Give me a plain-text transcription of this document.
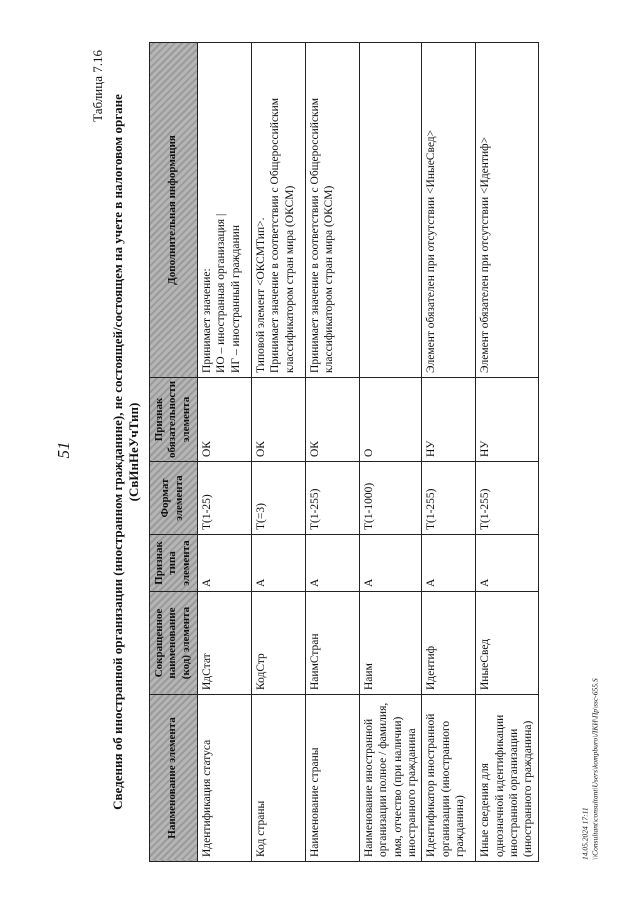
51
Таблица 7.16
Сведения об иностранной организации (иностранном гражданине), не состоящей/состоящем на учете в налоговом органе (СвИнНеУчТип)
Наименование элемента	Сокращенное наименование (код) элемента	Признак типа элемента	Формат элемента	Признак обязательности элемента	Дополнительная информация
Идентификация статуса	ИдСтат	А	T(1-25)	ОК	Принимает значение: ИО – иностранная организация | ИГ – иностранный гражданин

Код страны	КодСтр	А	T(=3)	ОК	Типовой элемент <ОКСМТип>. Принимает значение в соответствии с Общероссийским классификатором стран мира (ОКСМ)

Наименование страны	НаимСтран	А	T(1-255)	ОК	Принимает значение в соответствии с Общероссийским классификатором стран мира (ОКСМ)

Наименование иностранной организации полное / фамилия, имя, отчество (при наличии) иностранного гражданина	Наим	А	T(1-1000)	О	

Идентификатор иностранной организации (иностранного гражданина)	Идентиф	А	T(1-255)	НУ	Элемент обязателен при отсутствии <ИныеСвед>

Иные сведения для однозначной идентификации иностранной организации (иностранного гражданина)	ИныеСвед	А	T(1-255)	НУ	Элемент обязателен при отсутствии <Идентиф>
14.05.2024 17:11 \\Consultant\consultant\Users\kompburo\ЛКИ\Пр\ssc-655.S
